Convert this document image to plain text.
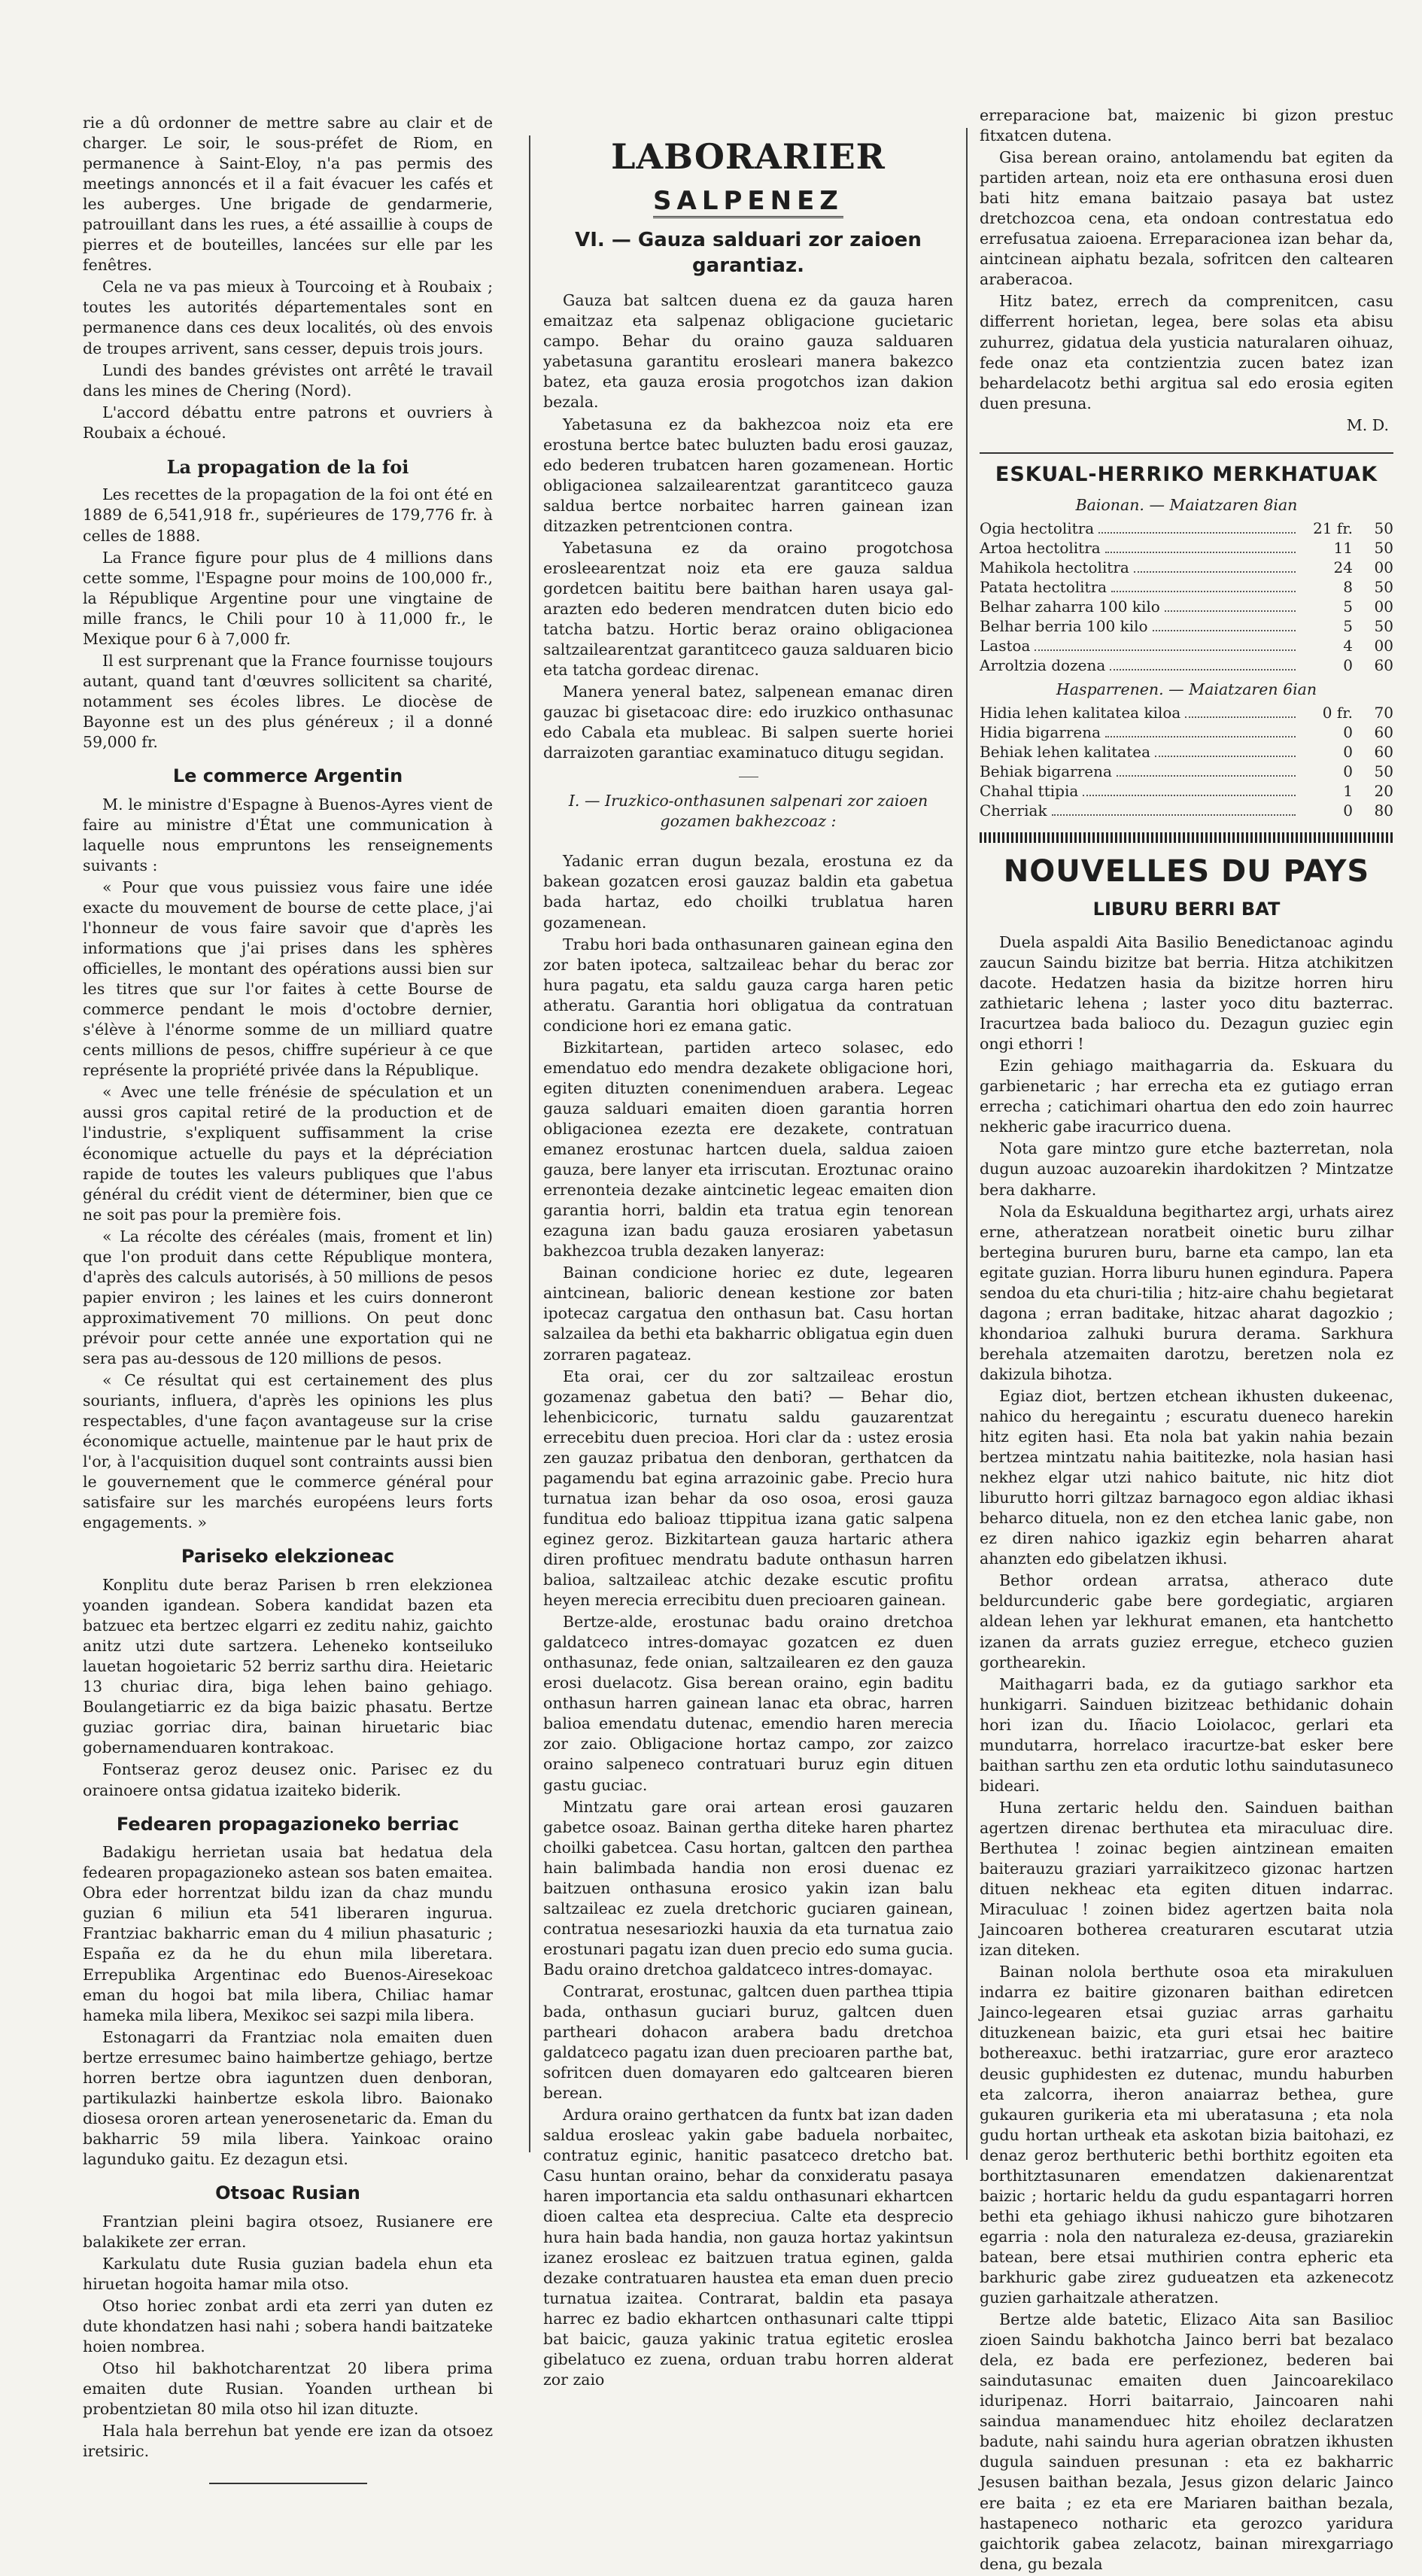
rie a dû ordonner de mettre sabre au clair et de charger. Le soir, le sous-préfet de Riom, en permanence à Saint-Eloy, n'a pas permis des meetings annoncés et il a fait évacuer les cafés et les auberges. Une brigade de gendarmerie, patrouillant dans les rues, a été assaillie à coups de pierres et de bouteilles, lancées sur elle par les fenêtres.

Cela ne va pas mieux à Tourcoing et à Roubaix ; toutes les autorités départementales sont en permanence dans ces deux localités, où des envois de troupes arrivent, sans cesser, depuis trois jours.

Lundi des bandes grévistes ont arrêté le travail dans les mines de Chering (Nord).

L'accord débattu entre patrons et ouvriers à Roubaix a échoué.

La propagation de la foi

Les recettes de la propagation de la foi ont été en 1889 de 6,541,918 fr., supérieures de 179,776 fr. à celles de 1888.

La France figure pour plus de 4 millions dans cette somme, l'Espagne pour moins de 100,000 fr., la République Argentine pour une vingtaine de mille francs, le Chili pour 10 à 11,000 fr., le Mexique pour 6 à 7,000 fr.

Il est surprenant que la France fournisse toujours autant, quand tant d'œuvres sollicitent sa charité, notamment ses écoles libres. Le diocèse de Bayonne est un des plus généreux ; il a donné 59,000 fr.

Le commerce Argentin

M. le ministre d'Espagne à Buenos-Ayres vient de faire au ministre d'État une communication à laquelle nous empruntons les renseignements suivants :

« Pour que vous puissiez vous faire une idée exacte du mouvement de bourse de cette place, j'ai l'honneur de vous faire savoir que d'après les informations que j'ai prises dans les sphères officielles, le montant des opérations aussi bien sur les titres que sur l'or faites à cette Bourse de commerce pendant le mois d'octobre dernier, s'élève à l'énorme somme de un milliard quatre cents millions de pesos, chiffre supérieur à ce que représente la propriété privée dans la République.

« Avec une telle frénésie de spéculation et un aussi gros capital retiré de la production et de l'industrie, s'expliquent suffisamment la crise économique actuelle du pays et la dépréciation rapide de toutes les valeurs publiques que l'abus général du crédit vient de déterminer, bien que ce ne soit pas pour la première fois.

« La récolte des céréales (mais, froment et lin) que l'on produit dans cette République montera, d'après des calculs autorisés, à 50 millions de pesos papier environ ; les laines et les cuirs donneront approximativement 70 millions. On peut donc prévoir pour cette année une exportation qui ne sera pas au-dessous de 120 millions de pesos.

« Ce résultat qui est certainement des plus souriants, influera, d'après les opinions les plus respectables, d'une façon avantageuse sur la crise économique actuelle, maintenue par le haut prix de l'or, à l'acquisition duquel sont contraints aussi bien le gouvernement que le commerce général pour satisfaire sur les marchés européens leurs forts engagements. »

Pariseko elekzioneac

Konplitu dute beraz Parisen b rren elekzionea yoanden igandean. Sobera kandidat bazen eta batzuec eta bertzec elgarri ez zeditu nahiz, gaichto anitz utzi dute sartzera. Leheneko kontseiluko lauetan hogoietaric 52 berriz sarthu dira. Heietaric 13 churiac dira, biga lehen baino gehiago. Boulangetiarric ez da biga baizic phasatu. Bertze guziac gorriac dira, bainan hiruetaric biac gobernamenduaren kontrakoac.

Fontseraz geroz deusez onic. Parisec ez du orainoere ontsa gidatua izaiteko biderik.

Fedearen propagazioneko berriac

Badakigu herrietan usaia bat hedatua dela fedearen propagazioneko astean sos baten emaitea. Obra eder horrentzat bildu izan da chaz mundu guzian 6 miliun eta 541 liberaren ingurua. Frantziac bakharric eman du 4 miliun phasaturic ; España ez da he du ehun mila liberetara. Errepublika Argentinac edo Buenos-Airesekoac eman du hogoi bat mila libera, Chiliac hamar hameka mila libera, Mexikoc sei sazpi mila libera.

Estonagarri da Frantziac nola emaiten duen bertze erresumec baino haimbertze gehiago, bertze horren bertze obra iaguntzen duen denboran, partikulazki hainbertze eskola libro. Baionako diosesa ororen artean yenerosenetaric da. Eman du bakharric 59 mila libera. Yainkoac oraino lagunduko gaitu. Ez dezagun etsi.

Otsoac Rusian

Frantzian pleini bagira otsoez, Rusianere ere balakikete zer erran.

Karkulatu dute Rusia guzian badela ehun eta hiruetan hogoita hamar mila otso.

Otso horiec zonbat ardi eta zerri yan duten ez dute khondatzen hasi nahi ; sobera handi baitzateke hoien nombrea.

Otso hil bakhotcharentzat 20 libera prima emaiten dute Rusian. Yoanden urthean bi probentzietan 80 mila otso hil izan dituzte.

Hala hala berrehun bat yende ere izan da otsoez iretsiric.

LABORARIER
SALPENEZ
VI. — Gauza salduari zor zaioen garantiaz.

Gauza bat saltcen duena ez da gauza haren emaitzaz eta salpenaz obligacione gucietaric campo. Behar du oraino gauza salduaren yabetasuna garantitu erosleari manera bakezco batez, eta gauza erosia progotchos izan dakion bezala.

Yabetasuna ez da bakhezcoa noiz eta ere erostuna bertce batec buluzten badu erosi gauzaz, edo bederen trubatcen haren gozamenean. Hortic obligacionea salzailearentzat garantitceco gauza saldua bertce norbaitec harren gainean izan ditzazken petrentcionen contra.

Yabetasuna ez da oraino progotchosa erosleearentzat noiz eta ere gauza saldua gordetcen baititu bere baithan haren usaya gal-arazten edo bederen mendratcen duten bicio edo tatcha batzu. Hortic beraz oraino obligacionea saltzailearentzat garantitceco gauza salduaren bicio eta tatcha gordeac direnac.

Manera yeneral batez, salpenean emanac diren gauzac bi gisetacoac dire: edo iruzkico onthasunac edo Cabala eta mubleac. Bi salpen suerte horiei darraizoten garantiac examinatuco ditugu segidan.

I. — Iruzkico-onthasunen salpenari zor zaioen gozamen bakhezcoaz :

Yadanic erran dugun bezala, erostuna ez da bakean gozatcen erosi gauzaz baldin eta gabetua bada hartaz, edo choilki trublatua haren gozamenean.

Trabu hori bada onthasunaren gainean egina den zor baten ipoteca, saltzaileac behar du berac zor hura pagatu, eta saldu gauza carga haren petic atheratu. Garantia hori obligatua da contratuan condicione hori ez emana gatic.

Bizkitartean, partiden arteco solasec, edo emendatuo edo mendra dezakete obligacione hori, egiten dituzten conenimenduen arabera. Legeac gauza salduari emaiten dioen garantia horren obligacionea ezezta ere dezakete, contratuan emanez erostunac hartcen duela, saldua zaioen gauza, bere lanyer eta irriscutan. Eroztunac oraino errenonteia dezake aintcinetic legeac emaiten dion garantia horri, baldin eta tratua egin tenorean ezaguna izan badu gauza erosiaren yabetasun bakhezcoa trubla dezaken lanyeraz:

Bainan condicione horiec ez dute, legearen aintcinean, balioric denean kestione zor baten ipotecaz cargatua den onthasun bat. Casu hortan salzailea da bethi eta bakharric obligatua egin duen zorraren pagateaz.

Eta orai, cer du zor saltzaileac erostun gozamenaz gabetua den bati? — Behar dio, lehenbicicoric, turnatu saldu gauzarentzat errecebitu duen precioa. Hori clar da : ustez erosia zen gauzaz pribatua den denboran, gerthatcen da pagamendu bat egina arrazoinic gabe. Precio hura turnatua izan behar da oso osoa, erosi gauza funditua edo balioaz ttippitua izana gatic salpena eginez geroz. Bizkitartean gauza hartaric athera diren profituec mendratu badute onthasun harren balioa, saltzaileac atchic dezake escutic profitu heyen merecia errecibitu duen precioaren gainean.

Bertze-alde, erostunac badu oraino dretchoa galdatceco intres-domayac gozatcen ez duen onthasunaz, fede onian, saltzailearen ez den gauza erosi duelacotz. Gisa berean oraino, egin baditu onthasun harren gainean lanac eta obrac, harren balioa emendatu dutenac, emendio haren merecia zor zaio. Obligacione hortaz campo, zor zaizco oraino salpeneco contratuari buruz egin dituen gastu guciac.

Mintzatu gare orai artean erosi gauzaren gabetce osoaz. Bainan gertha diteke haren phartez choilki gabetcea. Casu hortan, galtcen den parthea hain balimbada handia non erosi duenac ez baitzuen onthasuna erosico yakin izan balu saltzaileac ez zuela dretchoric guciaren gainean, contratua nesesariozki hauxia da eta turnatua zaio erostunari pagatu izan duen precio edo suma gucia. Badu oraino dretchoa galdatceco intres-domayac.

Contrarat, erostunac, galtcen duen parthea ttipia bada, onthasun guciari buruz, galtcen duen partheari dohacon arabera badu dretchoa galdatceco pagatu izan duen precioaren parthe bat, sofritcen duen domayaren edo galtcearen bieren berean.

Ardura oraino gerthatcen da funtx bat izan daden saldua erosleac yakin gabe baduela norbaitec, contratuz eginic, hanitic pasatceco dretcho bat. Casu huntan oraino, behar da conxideratu pasaya haren importancia eta saldu onthasunari ekhartcen dioen caltea eta despreciua. Calte eta desprecio hura hain bada handia, non gauza hortaz yakintsun izanez erosleac ez baitzuen tratua eginen, galda dezake contratuaren haustea eta eman duen precio turnatua izaitea. Contrarat, baldin eta pasaya harrec ez badio ekhartcen onthasunari calte ttippi bat baicic, gauza yakinic tratua egitetic erosleа gibelatuco ez zuena, orduan trabu horren alderat zor zaio

erreparacione bat, maizenic bi gizon prestuc fitxatcen dutena.

Gisa berean oraino, antolamendu bat egiten da partiden artean, noiz eta ere onthasuna erosi duen bati hitz emana baitzaio pasaya bat ustez dretchozcoa cena, eta ondoan contrestatua edo errefusatua zaioena. Erreparacionea izan behar da, aintcinean aiphatu bezala, sofritcen den caltearen araberacoa.

Hitz batez, errech da comprenitcen, casu differrent horietan, legea, bere solas eta abisu zuhurrez, gidatua dela yusticia naturalaren oihuaz, fede onaz eta contzientzia zucen batez izan behardelacotz bethi argitua sal edo erosia egiten duen presuna.

M. D.
ESKUAL-HERRIKO MERKHATUAK
Baionan. — Maiatzaren 8ian
Ogia hectolitra	21 fr.	50
Artoa hectolitra	11	50
Mahikola hectolitra	24	00
Patata hectolitra	8	50
Belhar zaharra 100 kilo	5	00
Belhar berria 100 kilo	5	50
Lastoa	4	00
Arroltzia dozena	0	60
Hasparrenen. — Maiatzaren 6ian
Hidia lehen kalitatea kiloa	0 fr.	70
Hidia bigarrena	0	60
Behiak lehen kalitatea	0	60
Behiak bigarrena	0	50
Chahal ttipia	1	20
Cherriak	0	80
NOUVELLES DU PAYS
LIBURU BERRI BAT

Duela aspaldi Aita Basilio Benedictanoac agindu zaucun Saindu bizitze bat berria. Hitza atchikitzen dacote. Hedatzen hasia da bizitze horren hiru zathietaric lehena ; laster yoco ditu bazterrac. Iracurtzea bada balioco du. Dezagun guziec egin ongi ethorri !

Ezin gehiago maithagarria da. Eskuara du garbienetaric ; har errecha eta ez gutiago erran errecha ; catichimari ohartua den edo zoin haurrec nekheric gabe iracurrico duena.

Nota gare mintzo gure etche bazterretan, nola dugun auzoac auzoarekin ihardokitzen ? Mintzatze bera dakharre.

Nola da Eskualduna begithartez argi, urhats airez erne, atheratzean noratbeit oinetic buru zilhar bertegina bururen buru, barne eta campo, lan eta egitate guzian. Horra liburu hunen egindura. Papera sendoa du eta churi-tilia ; hitz-aire chahu begietarat dagona ; erran baditake, hitzac aharat dagozkio ; khondarioa zalhuki burura derama. Sarkhura berehala atzemaiten darotzu, beretzen nola ez dakizula bihotza.

Egiaz diot, bertzen etchean ikhusten dukeenac, nahico du heregaintu ; escuratu dueneco harekin hitz egiten hasi. Eta nola bat yakin nahia bezain bertzea mintzatu nahia baititezke, nola hasian hasi nekhez elgar utzi nahico baitute, nic hitz diot liburutto horri giltzaz barnagoco egon aldiac ikhasi beharco dituela, non ez den etchea lanic gabe, non ez diren nahico igazkiz egin beharren aharat ahanzten edo gibelatzen ikhusi.

Bethor ordean arratsa, atheraco dute beldurcunderic gabe bere gordegiatic, argiaren aldean lehen yar lekhurat emanen, eta hantchetto izanen da arrats guziez erregue, etcheco guzien gorthearekin.

Maithagarri bada, ez da gutiago sarkhor eta hunkigarri. Sainduen bizitzeac bethidanic dohain hori izan du. Iñacio Loiolacoc, gerlari eta mundutarra, horrelaco iracurtze-bat esker bere baithan sarthu zen eta ordutic lothu saindutasuneco bideari.

Huna zertaric heldu den. Sainduen baithan agertzen direnac berthutea eta miraculuac dire. Berthutea ! zoinac begien aintzinean emaiten baiterauzu graziari yarraikitzeco gizonac hartzen dituen nekheac eta egiten dituen indarrac. Miraculuac ! zoinen bidez agertzen baita nola Jaincoaren botherea creaturaren escutarat utzia izan diteken.

Bainan nolola berthute osoa eta mirakuluen indarra ez baitire gizonaren baithan ediretcen Jainco-legearen etsai guziac arras garhaitu dituzkenean baizic, eta guri etsai hec baitire bothereaxuc. bethi iratzarriac, gure eror arazteco deusic guphidesten ez dutenac, mundu haburben eta zalcorra, iheron anaiarraz bethea, gure gukauren gurikeria eta mi uberatasuna ; eta nola gudu hortan urtheak eta askotan bizia baitohazi, ez denaz geroz berthuteric bethi borthitz egoiten eta borthitztasunaren emendatzen dakienarentzat baizic ; hortaric heldu da gudu espantagarri horren bethi eta gehiago ikhusi nahiczo gure bihotzaren egarria : nola den naturaleza ez-deusa, graziarekin batean, bere etsai muthirien contra epheric eta barkhuric gabe zirez gudueatzen eta azkenecotz guzien garhaitzale atheratzen.

Bertze alde batetic, Elizaco Aita san Basilioc zioen Saindu bakhotcha Jainco berri bat bezalaco dela, ez bada ere perfezionez, bederen bai saindutasunac emaiten duen Jaincoarekilaco iduripenaz. Horri baitarraio, Jaincoaren nahi saindua manamenduec hitz ehoilez declaratzen badute, nahi saindu hura agerian obratzen ikhusten dugula sainduen presunan : eta ez bakharric Jesusen baithan bezala, Jesus gizon delaric Jainco ere baita ; ez eta ere Mariaren baithan bezala, hastapeneco notharic eta gerozco yaridura gaichtorik gabea zelacotz, bainan mirexgarriago dena, gu bezala
